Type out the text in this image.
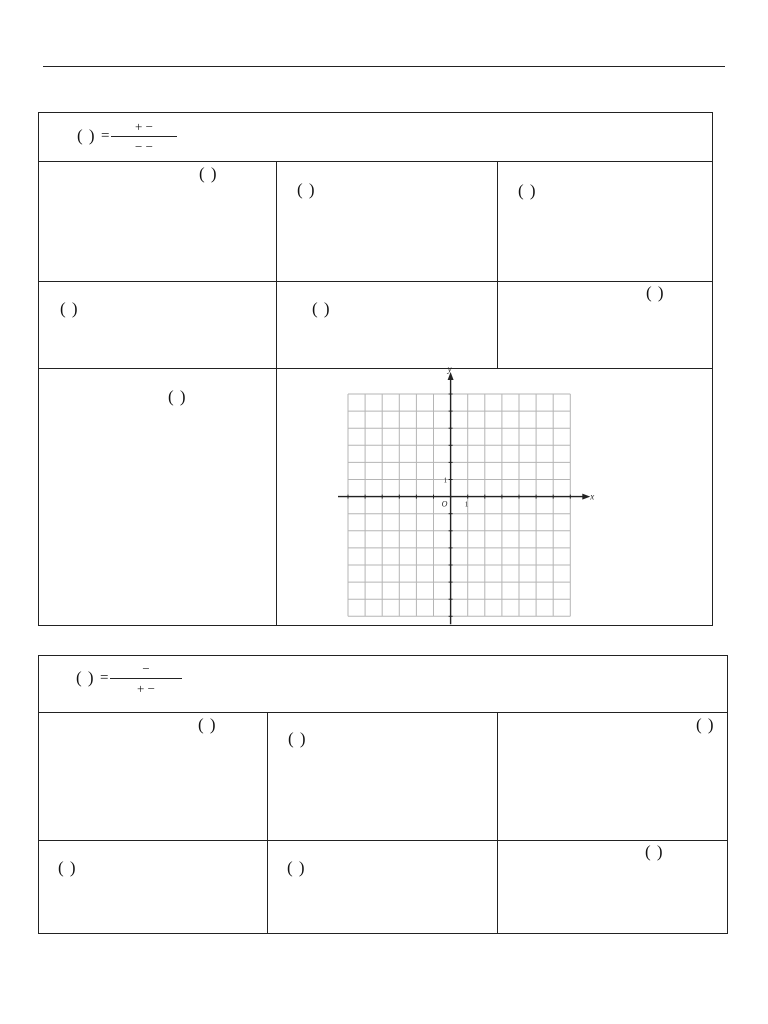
( ) =
+ −
− −		

( )	( )	( )

( )	( )	( )

( )	x
y
O 1
1	
( ) =
−
+ −		

( )	( )	( )

( )	( )	( )
